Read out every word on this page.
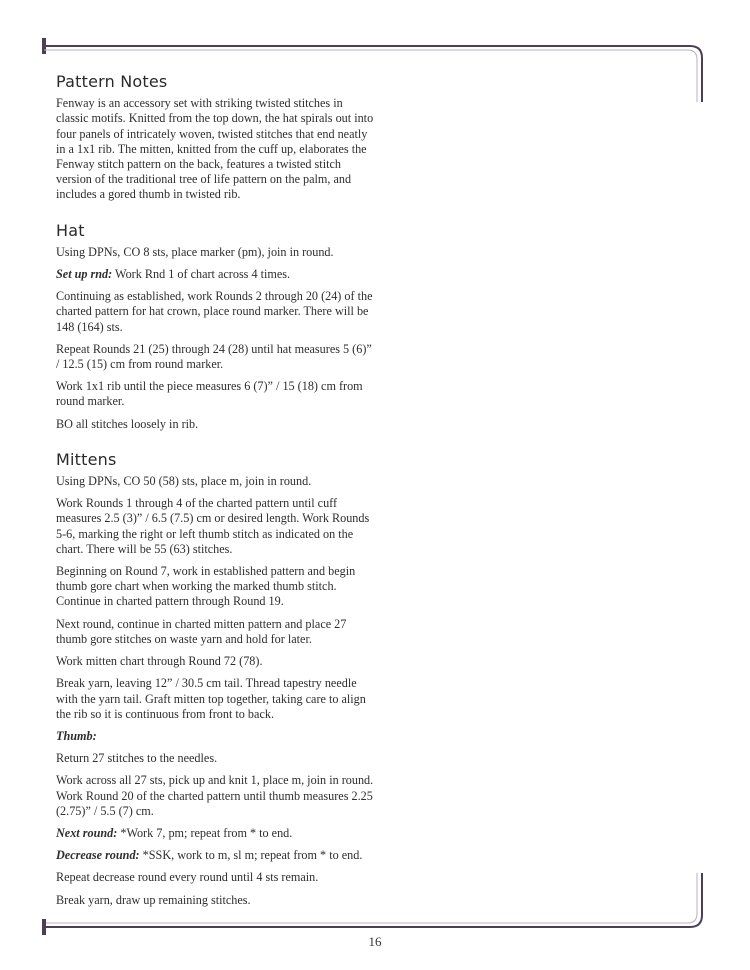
Pattern Notes

Fenway is an accessory set with striking twisted stitches in classic motifs. Knitted from the top down, the hat spirals out into four panels of intricately woven, twisted stitches that end neatly in a 1x1 rib. The mitten, knitted from the cuff up, elaborates the Fenway stitch pattern on the back, features a twisted stitch version of the traditional tree of life pattern on the palm, and includes a gored thumb in twisted rib.

Hat

Using DPNs, CO 8 sts, place marker (pm), join in round.

Set up rnd: Work Rnd 1 of chart across 4 times.

Continuing as established, work Rounds 2 through 20 (24) of the charted pattern for hat crown, place round marker. There will be 148 (164) sts.

Repeat Rounds 21 (25) through 24 (28) until hat measures 5 (6)” / 12.5 (15) cm from round marker.

Work 1x1 rib until the piece measures 6 (7)” / 15 (18) cm from round marker.

BO all stitches loosely in rib.

Mittens

Using DPNs, CO 50 (58) sts, place m, join in round.

Work Rounds 1 through 4 of the charted pattern until cuff measures 2.5 (3)” / 6.5 (7.5) cm or desired length. Work Rounds 5-6, marking the right or left thumb stitch as indicated on the chart. There will be 55 (63) stitches.

Beginning on Round 7, work in established pattern and begin thumb gore chart when working the marked thumb stitch. Continue in charted pattern through Round 19.

Next round, continue in charted mitten pattern and place 27 thumb gore stitches on waste yarn and hold for later.

Work mitten chart through Round 72 (78).

Break yarn, leaving 12” / 30.5 cm tail. Thread tapestry needle with the yarn tail. Graft mitten top together, taking care to align the rib so it is continuous from front to back.

Thumb:

Return 27 stitches to the needles.

Work across all 27 sts, pick up and knit 1, place m, join in round. Work Round 20 of the charted pattern until thumb measures 2.25 (2.75)” / 5.5 (7) cm.

Next round: *Work 7, pm; repeat from * to end.

Decrease round: *SSK, work to m, sl m; repeat from * to end.

Repeat decrease round every round until 4 sts remain.

Break yarn, draw up remaining stitches.

16
